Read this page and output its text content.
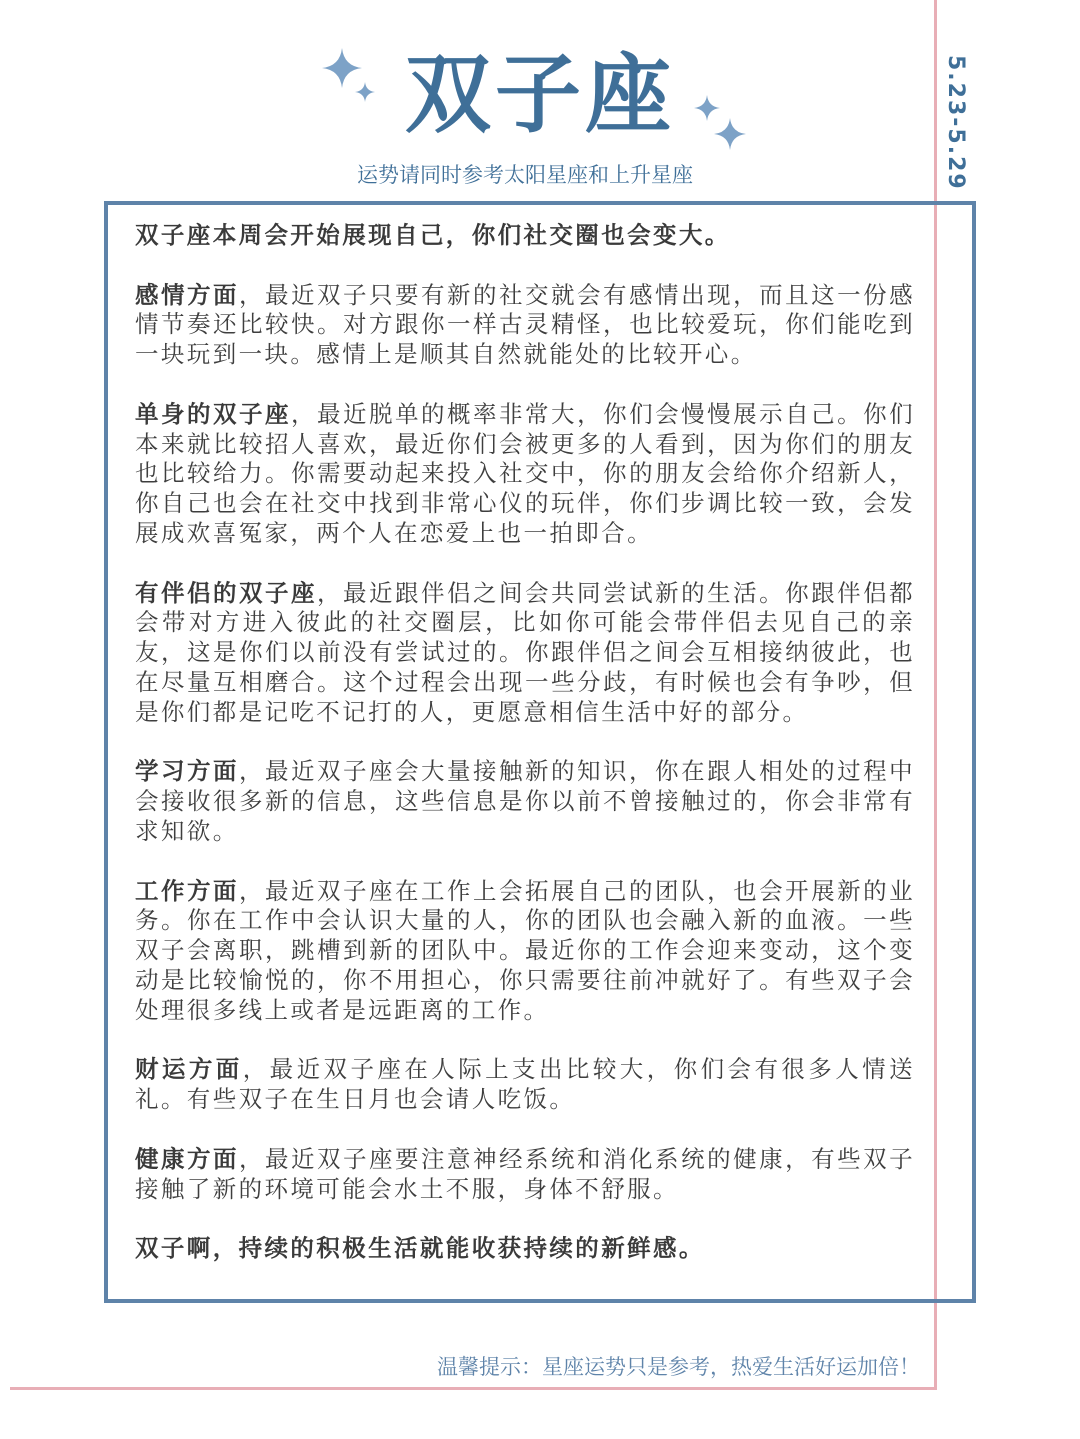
双子座
运势请同时参考太阳星座和上升星座	5.23-5.29

双子座本周会开始展现自己，你们社交圈也会变大。

感情方面，最近双子只要有新的社交就会有感情出现，而且这一份感情节奏还比较快。对方跟你一样古灵精怪，也比较爱玩，你们能吃到一块玩到一块。感情上是顺其自然就能处的比较开心。

单身的双子座，最近脱单的概率非常大，你们会慢慢展示自己。你们本来就比较招人喜欢，最近你们会被更多的人看到，因为你们的朋友也比较给力。你需要动起来投入社交中，你的朋友会给你介绍新人，你自己也会在社交中找到非常心仪的玩伴，你们步调比较一致，会发展成欢喜冤家，两个人在恋爱上也一拍即合。

有伴侣的双子座，最近跟伴侣之间会共同尝试新的生活。你跟伴侣都会带对方进入彼此的社交圈层，比如你可能会带伴侣去见自己的亲友，这是你们以前没有尝试过的。你跟伴侣之间会互相接纳彼此，也在尽量互相磨合。这个过程会出现一些分歧，有时候也会有争吵，但是你们都是记吃不记打的人，更愿意相信生活中好的部分。

学习方面，最近双子座会大量接触新的知识，你在跟人相处的过程中会接收很多新的信息，这些信息是你以前不曾接触过的，你会非常有求知欲。

工作方面，最近双子座在工作上会拓展自己的团队，也会开展新的业务。你在工作中会认识大量的人，你的团队也会融入新的血液。一些双子会离职，跳槽到新的团队中。最近你的工作会迎来变动，这个变动是比较愉悦的，你不用担心，你只需要往前冲就好了。有些双子会处理很多线上或者是远距离的工作。

财运方面，最近双子座在人际上支出比较大，你们会有很多人情送礼。有些双子在生日月也会请人吃饭。

健康方面，最近双子座要注意神经系统和消化系统的健康，有些双子接触了新的环境可能会水土不服，身体不舒服。

双子啊，持续的积极生活就能收获持续的新鲜感。

温馨提示：星座运势只是参考，热爱生活好运加倍！
